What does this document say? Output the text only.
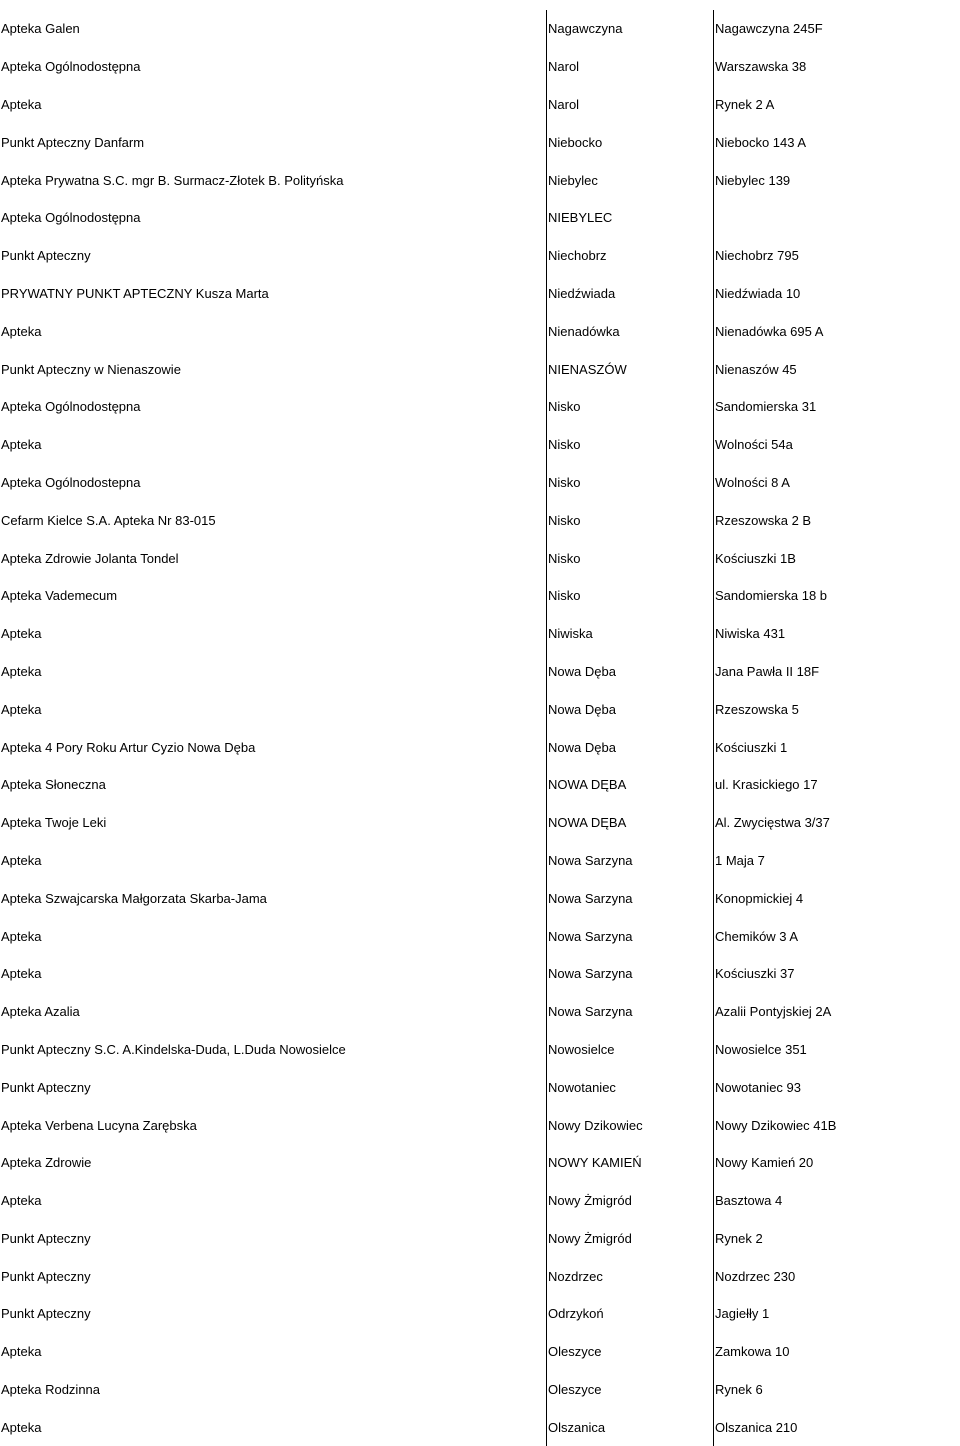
Apteka Galen	Nagawczyna	Nagawczyna 245F
Apteka Ogólnodostępna	Narol	Warszawska 38
Apteka	Narol	Rynek 2 A
Punkt Apteczny Danfarm	Niebocko	Niebocko 143 A
Apteka Prywatna S.C. mgr B. Surmacz-Złotek B. Polityńska	Niebylec	Niebylec 139
Apteka Ogólnodostępna	NIEBYLEC
Punkt Apteczny	Niechobrz	Niechobrz 795
PRYWATNY PUNKT APTECZNY Kusza Marta	Niedźwiada	Niedźwiada 10
Apteka	Nienadówka	Nienadówka 695 A
Punkt Apteczny w Nienaszowie	NIENASZÓW	Nienaszów 45
Apteka Ogólnodostępna	Nisko	Sandomierska 31
Apteka	Nisko	Wolności 54a
Apteka Ogólnodostepna	Nisko	Wolności 8 A
Cefarm Kielce S.A. Apteka Nr 83-015	Nisko	Rzeszowska 2 B
Apteka Zdrowie Jolanta Tondel	Nisko	Kościuszki 1B
Apteka Vademecum	Nisko	Sandomierska 18 b
Apteka	Niwiska	Niwiska 431
Apteka	Nowa Dęba	Jana Pawła II 18F
Apteka	Nowa Dęba	Rzeszowska 5
Apteka 4 Pory Roku Artur Cyzio Nowa Dęba	Nowa Dęba	Kościuszki 1
Apteka Słoneczna	NOWA DĘBA	ul. Krasickiego 17
Apteka Twoje Leki	NOWA DĘBA	Al. Zwycięstwa 3/37
Apteka	Nowa Sarzyna	1 Maja 7
Apteka Szwajcarska Małgorzata Skarba-Jama	Nowa Sarzyna	Konopmickiej 4
Apteka	Nowa Sarzyna	Chemików 3 A
Apteka	Nowa Sarzyna	Kościuszki 37
Apteka Azalia	Nowa Sarzyna	Azalii Pontyjskiej 2A
Punkt Apteczny S.C. A.Kindelska-Duda, L.Duda Nowosielce	Nowosielce	Nowosielce 351
Punkt Apteczny	Nowotaniec	Nowotaniec 93
Apteka Verbena Lucyna Zarębska	Nowy Dzikowiec	Nowy Dzikowiec 41B
Apteka Zdrowie	NOWY KAMIEŃ	Nowy Kamień 20
Apteka	Nowy Żmigród	Basztowa 4
Punkt Apteczny	Nowy Żmigród	Rynek 2
Punkt Apteczny	Nozdrzec	Nozdrzec 230
Punkt Apteczny	Odrzykoń	Jagiełły 1
Apteka	Oleszyce	Zamkowa 10
Apteka Rodzinna	Oleszyce	Rynek 6
Apteka	Olszanica	Olszanica 210
